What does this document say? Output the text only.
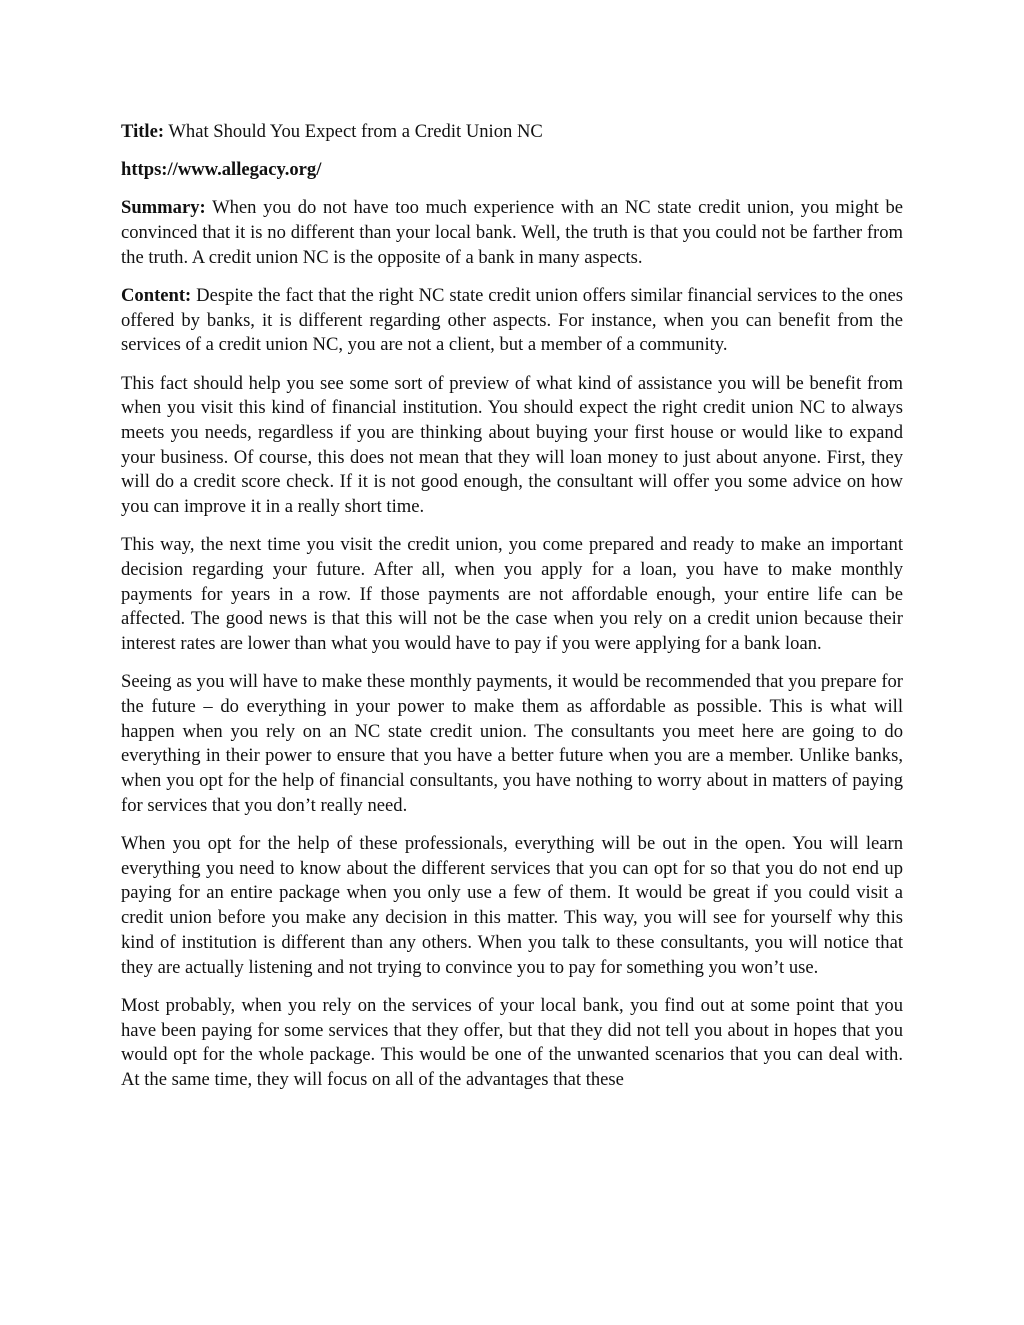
Title: What Should You Expect from a Credit Union NC

https://www.allegacy.org/

Summary: When you do not have too much experience with an NC state credit union, you might be convinced that it is no different than your local bank. Well, the truth is that you could not be farther from the truth. A credit union NC is the opposite of a bank in many aspects.

Content: Despite the fact that the right NC state credit union offers similar financial services to the ones offered by banks, it is different regarding other aspects. For instance, when you can benefit from the services of a credit union NC, you are not a client, but a member of a community.

This fact should help you see some sort of preview of what kind of assistance you will be benefit from when you visit this kind of financial institution. You should expect the right credit union NC to always meets you needs, regardless if you are thinking about buying your first house or would like to expand your business. Of course, this does not mean that they will loan money to just about anyone. First, they will do a credit score check. If it is not good enough, the consultant will offer you some advice on how you can improve it in a really short time.

This way, the next time you visit the credit union, you come prepared and ready to make an important decision regarding your future. After all, when you apply for a loan, you have to make monthly payments for years in a row. If those payments are not affordable enough, your entire life can be affected. The good news is that this will not be the case when you rely on a credit union because their interest rates are lower than what you would have to pay if you were applying for a bank loan.

Seeing as you will have to make these monthly payments, it would be recommended that you prepare for the future – do everything in your power to make them as affordable as possible. This is what will happen when you rely on an NC state credit union. The consultants you meet here are going to do everything in their power to ensure that you have a better future when you are a member. Unlike banks, when you opt for the help of financial consultants, you have nothing to worry about in matters of paying for services that you don’t really need.

When you opt for the help of these professionals, everything will be out in the open. You will learn everything you need to know about the different services that you can opt for so that you do not end up paying for an entire package when you only use a few of them. It would be great if you could visit a credit union before you make any decision in this matter. This way, you will see for yourself why this kind of institution is different than any others. When you talk to these consultants, you will notice that they are actually listening and not trying to convince you to pay for something you won’t use.

Most probably, when you rely on the services of your local bank, you find out at some point that you have been paying for some services that they offer, but that they did not tell you about in hopes that you would opt for the whole package. This would be one of the unwanted scenarios that you can deal with. At the same time, they will focus on all of the advantages that these
